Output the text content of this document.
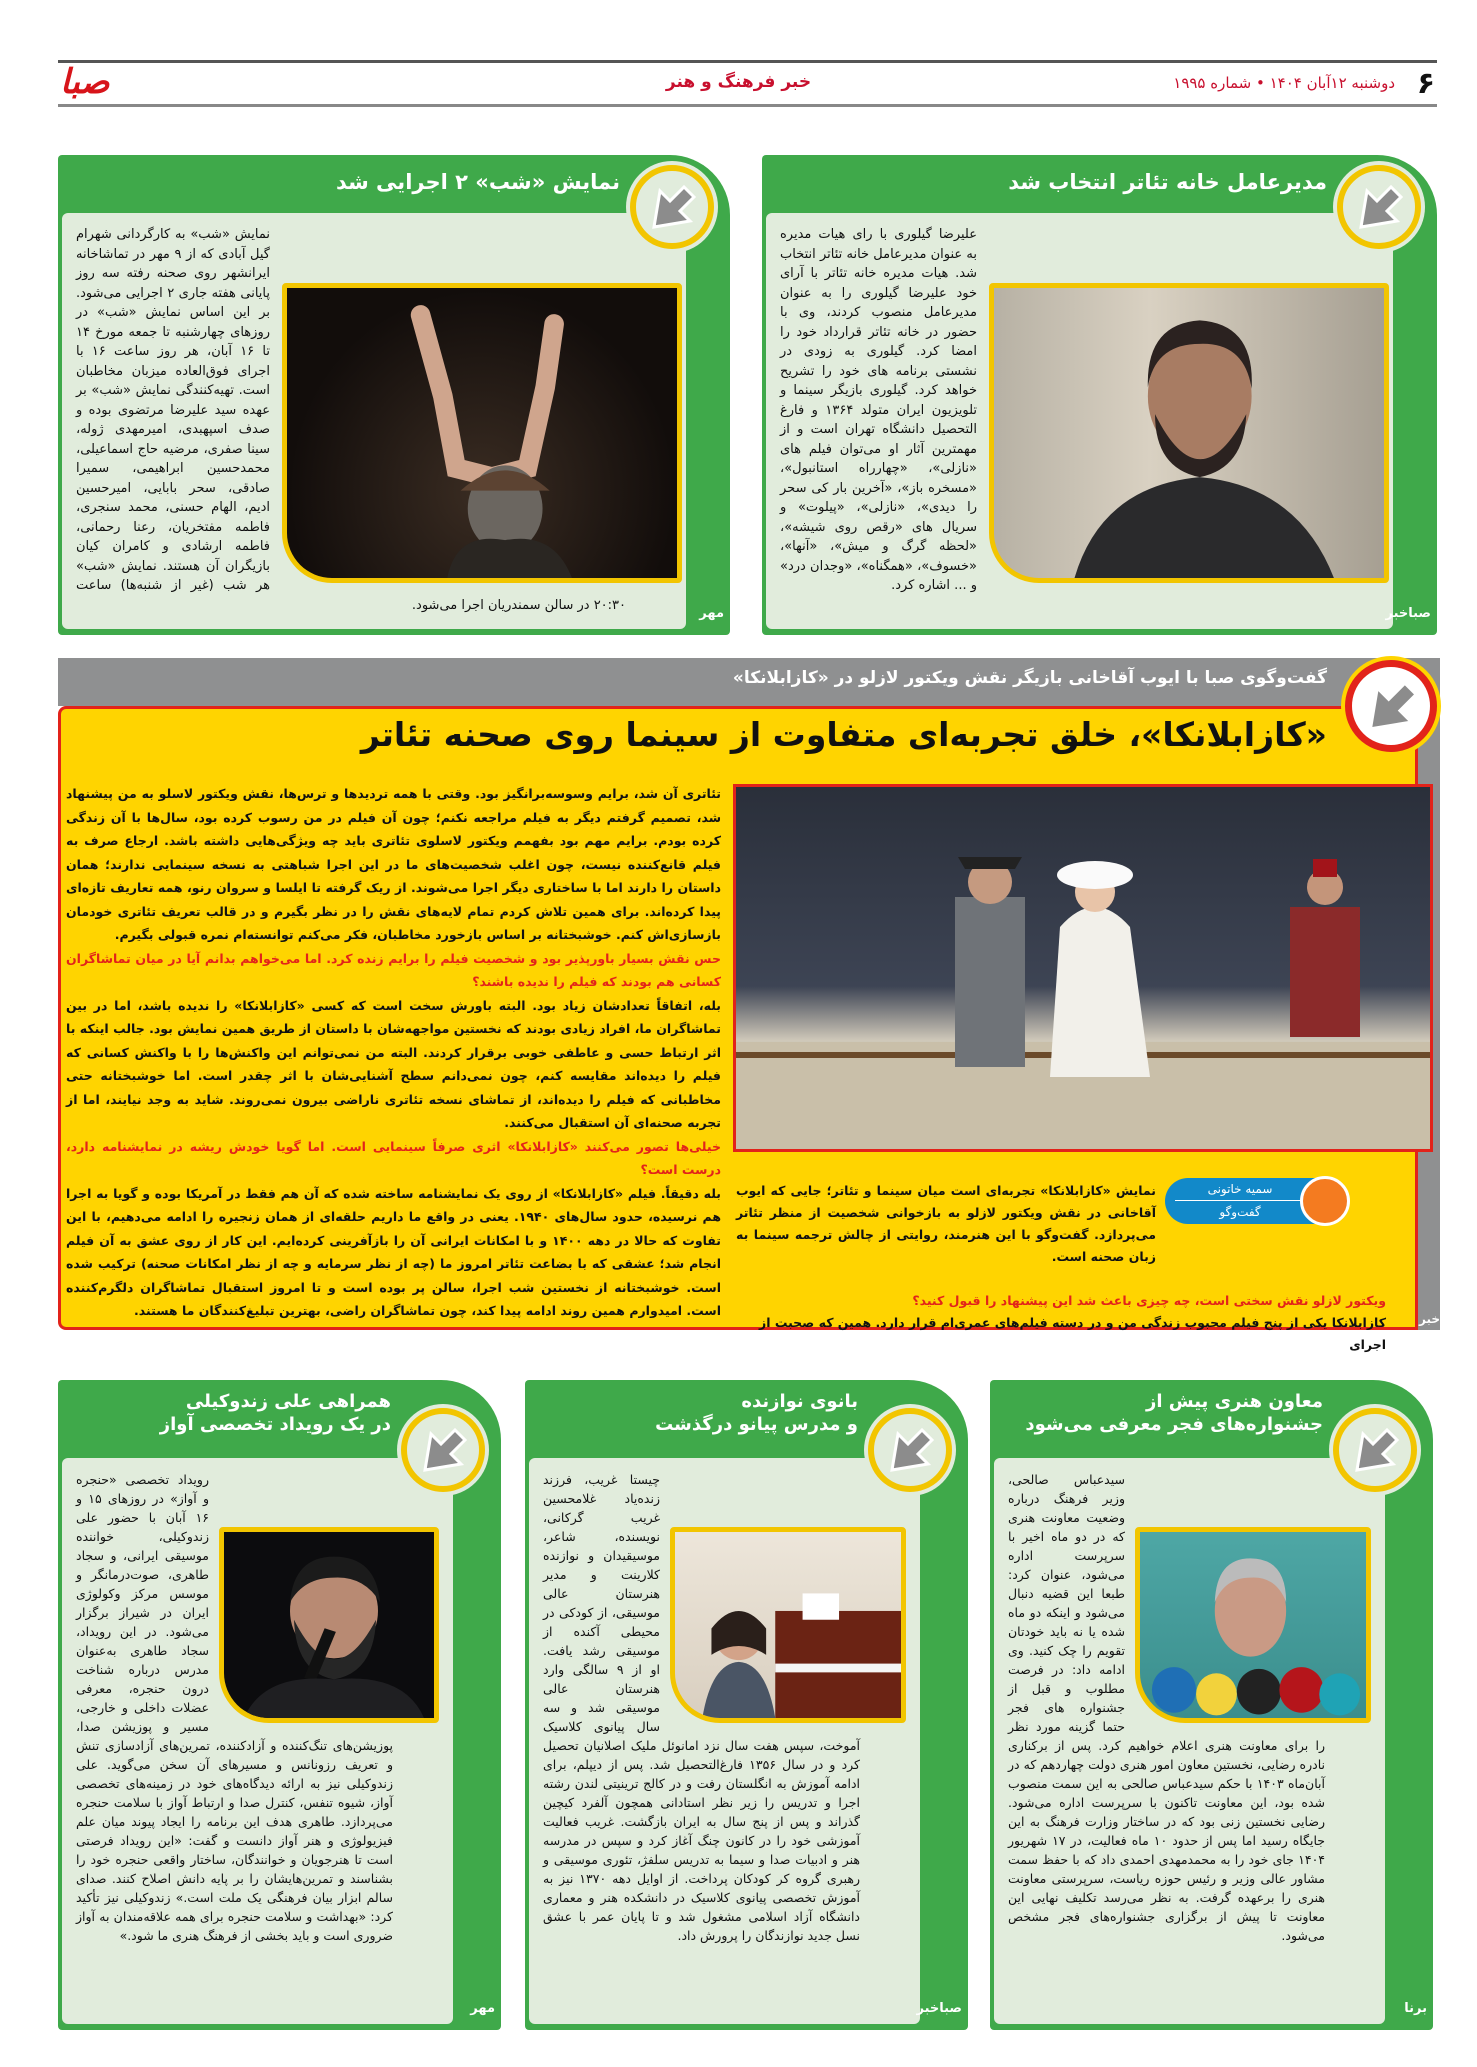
۶
دوشنبه ۱۲آبان ۱۴۰۴ • شماره ۱۹۹۵
خبر فرهنگ و هنر
صبا
مدیرعامل خانه تئاتر انتخاب شد
علیرضا گیلوری با رای هیات مدیره به عنوان مدیرعامل خانه تئاتر انتخاب شد. هیات مدیره خانه تئاتر با آرای خود علیرضا گیلوری را به عنوان مدیرعامل منصوب کردند، وی با حضور در خانه تئاتر قرارداد خود را امضا کرد. گیلوری به زودی در نشستی برنامه های خود را تشریح خواهد کرد. گیلوری بازیگر سینما و تلویزیون ایران متولد ۱۳۶۴ و فارغ التحصیل دانشگاه تهران است و از مهمترین آثار او می‌توان فیلم های «نازلی»، «چهارراه استانبول»، «مسخره باز»، «آخرین بار کی سحر را دیدی»، «نازلی»، «پیلوت» و سریال های «رقص روی شیشه»، «لحظه گرگ و میش»، «آنها»، «خسوف»، «همگناه»، «وجدان درد» و ... اشاره کرد.
صباخبر
نمایش «شب» ۲ اجرایی شد
نمایش «شب» به کارگردانی شهرام گیل آبادی که از ۹ مهر در تماشاخانه ایرانشهر روی صحنه رفته سه روز پایانی هفته جاری ۲ اجرایی می‌شود. بر این اساس نمایش «شب» در روزهای چهارشنبه تا جمعه مورخ ۱۴ تا ۱۶ آبان، هر روز ساعت ۱۶ با اجرای فوق‌العاده میزبان مخاطبان است. تهیه‌کنندگی نمایش «شب» بر عهده سید علیرضا مرتضوی بوده و صدف اسپهبدی، امیرمهدی ژوله، سینا صفری، مرضیه حاج اسماعیلی، محمدحسین ابراهیمی، سمیرا صادقی، سحر بابایی، امیرحسین ادیم، الهام حسنی، محمد سنجری، فاطمه مفتخریان، رعنا رحمانی، فاطمه ارشادی و کامران کیان بازیگران آن هستند. نمایش «شب» هر شب (غیر از شنبه‌ها) ساعت ۲۰:۳۰ در سالن سمندریان اجرا می‌شود.
مهر
گفت‌وگوی صبا با ایوب آقاخانی بازیگر نقش ویکتور لازلو در «کازابلانکا»
«کازابلانکا»، خلق تجربه‌ای متفاوت از سینما روی صحنه تئاتر

تئاتری آن شد، برایم وسوسه‌برانگیز بود. وقتی با همه تردیدها و ترس‌ها، نقش ویکتور لاسلو به من پیشنهاد شد، تصمیم گرفتم دیگر به فیلم مراجعه نکنم؛ چون آن فیلم در من رسوب کرده بود، سال‌ها با آن زندگی کرده بودم. برایم مهم بود بفهمم ویکتور لاسلوی تئاتری باید چه ویژگی‌هایی داشته باشد. ارجاع صرف به فیلم قانع‌کننده نیست، چون اغلب شخصیت‌های ما در این اجرا شباهتی به نسخه سینمایی ندارند؛ همان داستان را دارند اما با ساختاری دیگر اجرا می‌شوند. از ریک گرفته تا ایلسا و سروان رنو، همه تعاریف تازه‌ای پیدا کرده‌اند. برای همین تلاش کردم تمام لایه‌های نقش را در نظر بگیرم و در قالب تعریف تئاتری خودمان بازسازی‌اش کنم. خوشبختانه بر اساس بازخورد مخاطبان، فکر می‌کنم توانسته‌ام نمره قبولی بگیرم.

حس نقش بسیار باورپذیر بود و شخصیت فیلم را برایم زنده کرد. اما می‌خواهم بدانم آیا در میان تماشاگران کسانی هم بودند که فیلم را ندیده باشند؟

بله، اتفاقاً تعدادشان زیاد بود. البته باورش سخت است که کسی «کازابلانکا» را ندیده باشد، اما در بین تماشاگران ما، افراد زیادی بودند که نخستین مواجهه‌شان با داستان از طریق همین نمایش بود. جالب اینکه با اثر ارتباط حسی و عاطفی خوبی برقرار کردند. البته من نمی‌توانم این واکنش‌ها را با واکنش کسانی که فیلم را دیده‌اند مقایسه کنم، چون نمی‌دانم سطح آشنایی‌شان با اثر چقدر است. اما خوشبختانه حتی مخاطبانی که فیلم را دیده‌اند، از تماشای نسخه تئاتری ناراضی بیرون نمی‌روند. شاید به وجد نیایند، اما از تجربه صحنه‌ای آن استقبال می‌کنند.

خیلی‌ها تصور می‌کنند «کازابلانکا» اثری صرفاً سینمایی است. اما گویا خودش ریشه در نمایشنامه دارد، درست است؟

بله دقیقاً. فیلم «کازابلانکا» از روی یک نمایشنامه ساخته شده که آن هم فقط در آمریکا بوده و گویا به اجرا هم نرسیده، حدود سال‌های ۱۹۴۰. یعنی در واقع ما داریم حلقه‌ای از همان زنجیره را ادامه می‌دهیم، با این تفاوت که حالا در دهه ۱۴۰۰ و با امکانات ایرانی آن را بازآفرینی کرده‌ایم. این کار از روی عشق به آن فیلم انجام شد؛ عشقی که با بضاعت تئاتر امروز ما (چه از نظر سرمایه و چه از نظر امکانات صحنه) ترکیب شده است. خوشبختانه از نخستین شب اجرا، سالن پر بوده است و تا امروز استقبال تماشاگران دلگرم‌کننده است. امیدوارم همین روند ادامه پیدا کند، چون تماشاگران راضی، بهترین تبلیغ‌کنندگان ما هستند.

سمیه خاتونی
گفت‌وگو
نمایش «کازابلانکا» تجربه‌ای است میان سینما و تئاتر؛ جایی که ایوب آقاخانی در نقش ویکتور لازلو به بازخوانی شخصیت از منظر تئاتر می‌پردازد. گفت‌وگو با این هنرمند، روایتی از چالش ترجمه سینما به زبان صحنه است.

ویکتور لازلو نقش سختی است، چه چیزی باعث شد این پیشنهاد را قبول کنید؟

کازابلانکا یکی از پنج فیلم محبوب زندگی من و در دسته فیلم‌های عمری‌ام قرار دارد. همین که صحبت از اجرای

صباخبر
معاون هنری پیش از
جشنواره‌های فجر معرفی می‌شود
سیدعباس صالحی، وزیر فرهنگ درباره وضعیت معاونت هنری که در دو ماه اخیر با سرپرست اداره می‌شود، عنوان کرد: طبعا این قضیه دنبال می‌شود و اینکه دو ماه شده یا نه باید خودتان تقویم را چک کنید. وی ادامه داد: در فرصت مطلوب و قبل از جشنواره های فجر حتما گزینه مورد نظر را برای معاونت هنری اعلام خواهیم کرد. پس از برکناری نادره رضایی، نخستین معاون امور هنری دولت چهاردهم که در آبان‌ماه ۱۴۰۳ با حکم سیدعباس صالحی به این سمت منصوب شده بود، این معاونت تاکنون با سرپرست اداره می‌شود. رضایی نخستین زنی بود که در ساختار وزارت فرهنگ به این جایگاه رسید اما پس از حدود ۱۰ ماه فعالیت، در ۱۷ شهریور ۱۴۰۴ جای خود را به محمدمهدی احمدی داد که با حفظ سمت مشاور عالی وزیر و رئیس حوزه ریاست، سرپرستی معاونت هنری را برعهده گرفت. به نظر می‌رسد تکلیف نهایی این معاونت تا پیش از برگزاری جشنواره‌های فجر مشخص می‌شود.
برنا
بانوی نوازنده
و مدرس پیانو درگذشت
چیستا غریب، فرزند زنده‌یاد غلامحسین غریب گرکانی، نویسنده، شاعر، موسیقیدان و نوازنده کلارینت و مدیر هنرستان عالی موسیقی، از کودکی در محیطی آکنده از موسیقی رشد یافت. او از ۹ سالگی وارد هنرستان عالی موسیقی شد و سه سال پیانوی کلاسیک آموخت، سپس هفت سال نزد امانوئل ملیک اصلانیان تحصیل کرد و در سال ۱۳۵۶ فارغ‌التحصیل شد. پس از دیپلم، برای ادامه آموزش به انگلستان رفت و در کالج ترینیتی لندن رشته اجرا و تدریس را زیر نظر استادانی همچون آلفرد کیچین گذراند و پس از پنج سال به ایران بازگشت. غریب فعالیت آموزشی خود را در کانون چنگ آغاز کرد و سپس در مدرسه هنر و ادبیات صدا و سیما به تدریس سلفژ، تئوری موسیقی و رهبری گروه کر کودکان پرداخت. از اوایل دهه ۱۳۷۰ نیز به آموزش تخصصی پیانوی کلاسیک در دانشکده هنر و معماری دانشگاه آزاد اسلامی مشغول شد و تا پایان عمر با عشق نسل جدید نوازندگان را پرورش داد.
صباخبر
همراهی علی زندوکیلی
در یک رویداد تخصصی آواز
رویداد تخصصی «حنجره و آواز» در روزهای ۱۵ و ۱۶ آبان با حضور علی زندوکیلی، خواننده موسیقی ایرانی، و سجاد طاهری، صوت‌درمانگر و موسس مرکز وکولوژی ایران در شیراز برگزار می‌شود. در این رویداد، سجاد طاهری به‌عنوان مدرس درباره شناخت درون حنجره، معرفی عضلات داخلی و خارجی، مسیر و پوزیشن صدا، پوزیشن‌های تنگ‌کننده و آزادکننده، تمرین‌های آزادسازی تنش و تعریف رزونانس و مسیرهای آن سخن می‌گوید. علی زندوکیلی نیز به ارائه دیدگاه‌های خود در زمینه‌های تخصصی آواز، شیوه تنفس، کنترل صدا و ارتباط آواز با سلامت حنجره می‌پردازد. طاهری هدف این برنامه را ایجاد پیوند میان علم فیزیولوژی و هنر آواز دانست و گفت: «این رویداد فرصتی است تا هنرجویان و خوانندگان، ساختار واقعی حنجره خود را بشناسند و تمرین‌هایشان را بر پایه دانش اصلاح کنند. صدای سالم ابزار بیان فرهنگی یک ملت است.» زندوکیلی نیز تأکید کرد: «بهداشت و سلامت حنجره برای همه علاقه‌مندان به آواز ضروری است و باید بخشی از فرهنگ هنری ما شود.»
مهر
